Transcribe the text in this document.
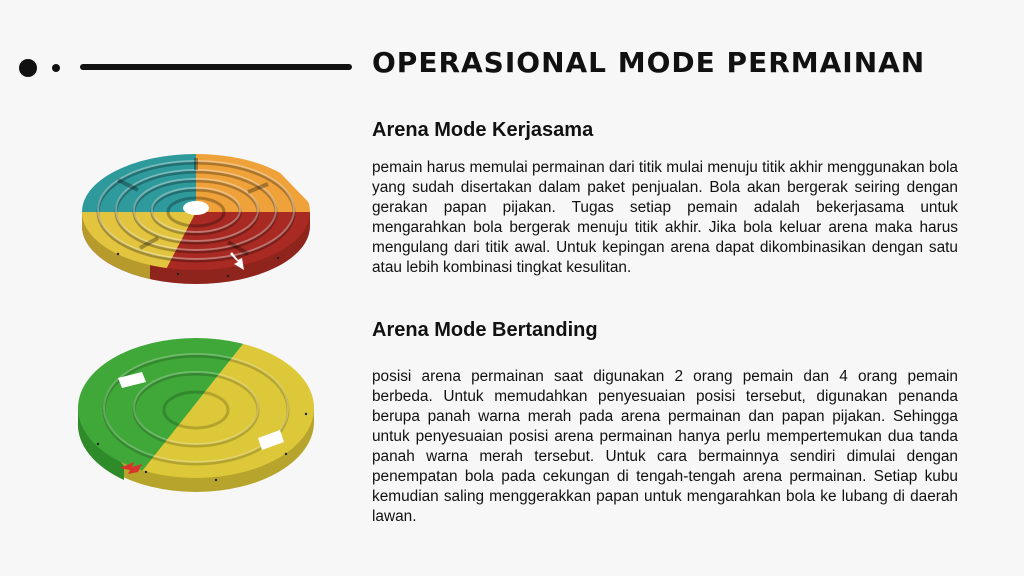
OPERASIONAL MODE PERMAINAN
Arena Mode Kerjasama

pemain harus memulai permainan dari titik mulai menuju titik akhir menggunakan bola yang sudah disertakan dalam paket penjualan. Bola akan bergerak seiring dengan gerakan papan pijakan. Tugas setiap pemain adalah bekerjasama untuk mengarahkan bola bergerak menuju titik akhir. Jika bola keluar arena maka harus mengulang dari titik awal. Untuk kepingan arena dapat dikombinasikan dengan satu atau lebih kombinasi tingkat kesulitan.

Arena Mode Bertanding

posisi arena permainan saat digunakan 2 orang pemain dan 4 orang pemain berbeda. Untuk memudahkan penyesuaian posisi tersebut, digunakan penanda berupa panah warna merah pada arena permainan dan papan pijakan. Sehingga untuk penyesuaian posisi arena permainan hanya perlu mempertemukan dua tanda panah warna merah tersebut. Untuk cara bermainnya sendiri dimulai dengan penempatan bola pada cekungan di tengah-tengah arena permainan. Setiap kubu kemudian saling menggerakkan papan untuk mengarahkan bola ke lubang di daerah lawan.
